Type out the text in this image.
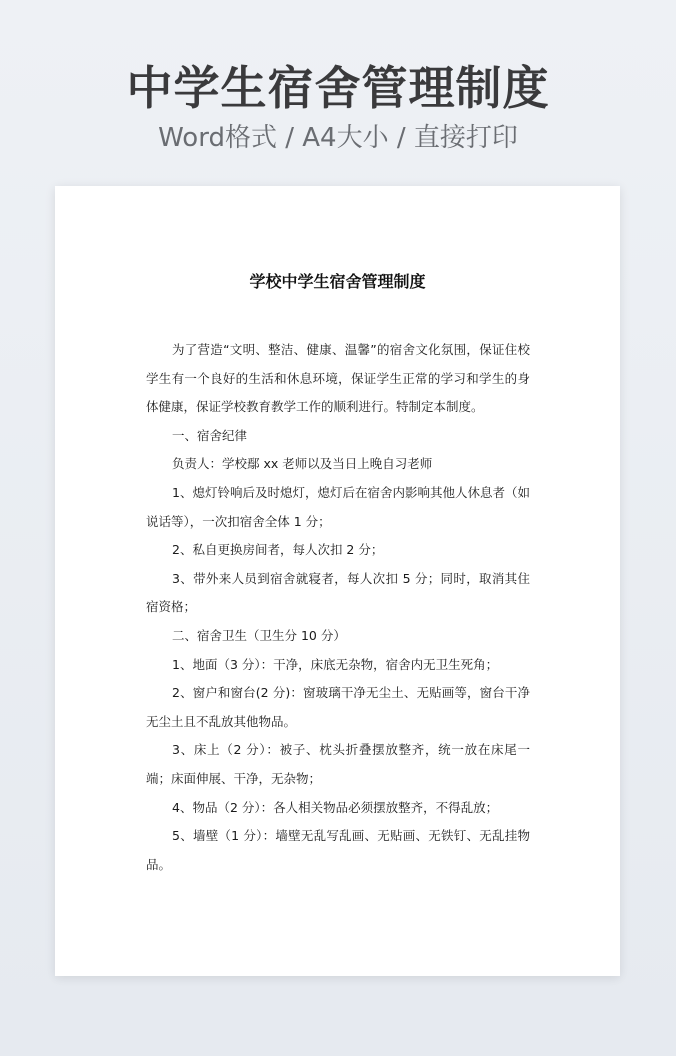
中学生宿舍管理制度
Word格式 / A4大小 / 直接打印
学校中学生宿舍管理制度

为了营造“文明、整洁、健康、温馨”的宿舍文化氛围，保证住校学生有一个良好的生活和休息环境，保证学生正常的学习和学生的身体健康，保证学校教育教学工作的顺利进行。特制定本制度。

一、宿舍纪律

负责人：学校鄢 xx 老师以及当日上晚自习老师

1、熄灯铃响后及时熄灯，熄灯后在宿舍内影响其他人休息者（如说话等），一次扣宿舍全体 1 分；

2、私自更换房间者，每人次扣 2 分；

3、带外来人员到宿舍就寝者，每人次扣 5 分；同时，取消其住宿资格；

二、宿舍卫生（卫生分 10 分）

1、地面（3 分）：干净，床底无杂物，宿舍内无卫生死角；

2、窗户和窗台(2 分)：窗玻璃干净无尘土、无贴画等，窗台干净无尘土且不乱放其他物品。

3、床上（2 分）：被子、枕头折叠摆放整齐，统一放在床尾一端；床面伸展、干净，无杂物；

4、物品（2 分）：各人相关物品必须摆放整齐，不得乱放；

5、墙壁（1 分）：墙壁无乱写乱画、无贴画、无铁钉、无乱挂物品。
